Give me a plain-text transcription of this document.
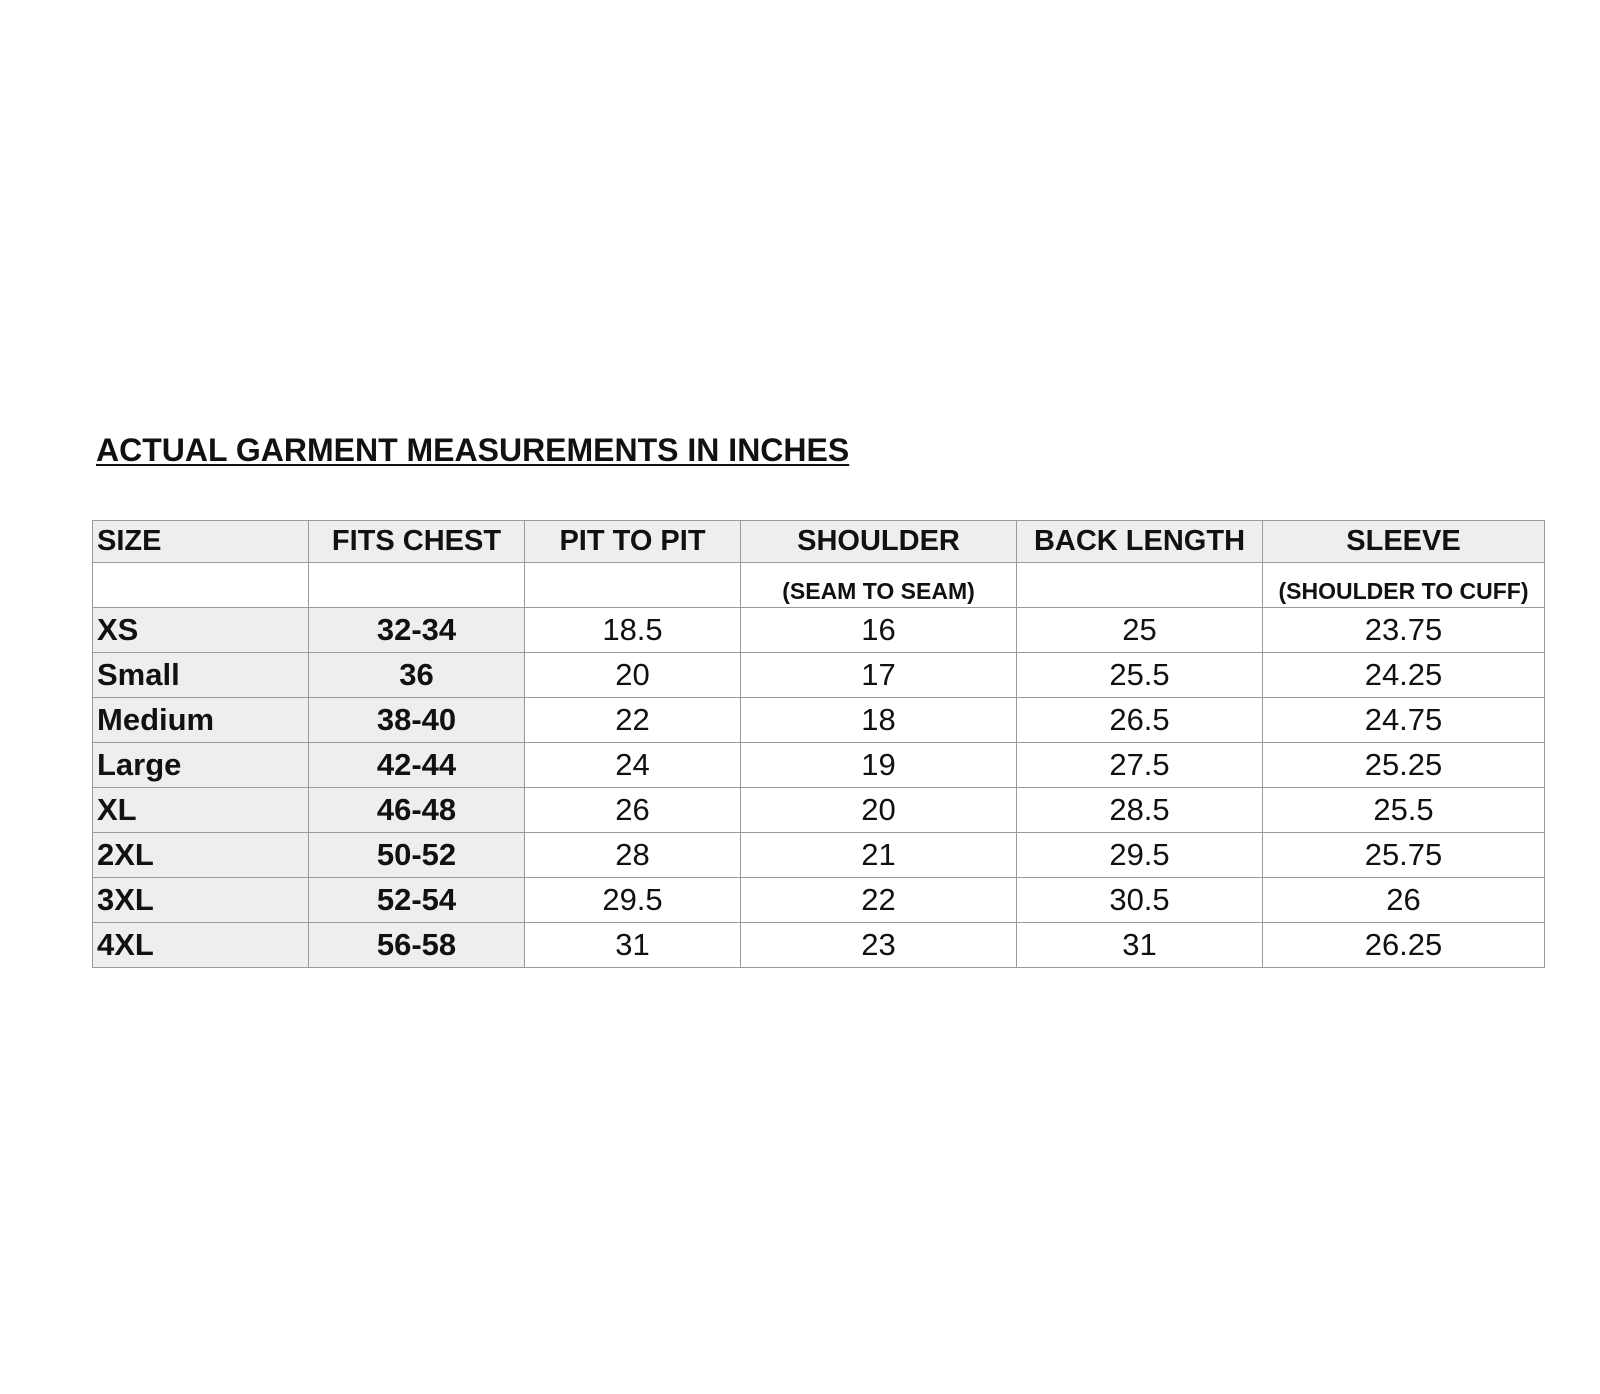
ACTUAL GARMENT MEASUREMENTS IN INCHES
SIZE	FITS CHEST	PIT TO PIT	SHOULDER	BACK LENGTH	SLEEVE
			(SEAM TO SEAM)		(SHOULDER TO CUFF)
XS	32-34	18.5	16	25	23.75
Small	36	20	17	25.5	24.25
Medium	38-40	22	18	26.5	24.75
Large	42-44	24	19	27.5	25.25
XL	46-48	26	20	28.5	25.5
2XL	50-52	28	21	29.5	25.75
3XL	52-54	29.5	22	30.5	26
4XL	56-58	31	23	31	26.25
